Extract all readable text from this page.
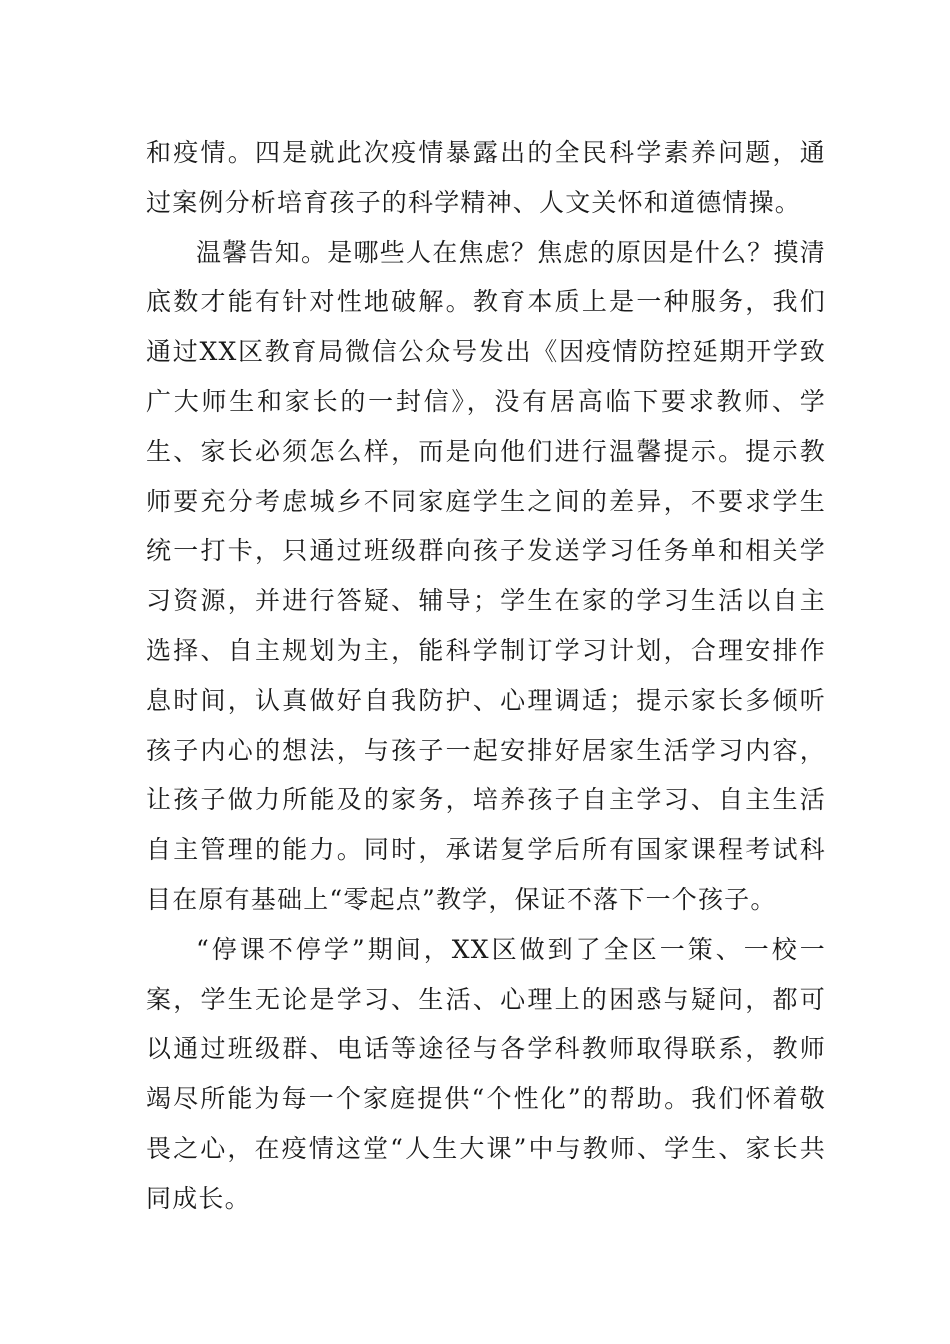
和疫情。四是就此次疫情暴露出的全民科学素养问题，通过案例分析培育孩子的科学精神、人文关怀和道德情操。

温馨告知。是哪些人在焦虑？焦虑的原因是什么？摸清底数才能有针对性地破解。教育本质上是一种服务，我们通过XX区教育局微信公众号发出《因疫情防控延期开学致广大师生和家长的一封信》，没有居高临下要求教师、学生、家长必须怎么样，而是向他们进行温馨提示。提示教师要充分考虑城乡不同家庭学生之间的差异，不要求学生统一打卡，只通过班级群向孩子发送学习任务单和相关学习资源，并进行答疑、辅导；学生在家的学习生活以自主选择、自主规划为主，能科学制订学习计划，合理安排作息时间，认真做好自我防护、心理调适；提示家长多倾听孩子内心的想法，与孩子一起安排好居家生活学习内容，让孩子做力所能及的家务，培养孩子自主学习、自主生活自主管理的能力。同时，承诺复学后所有国家课程考试科目在原有基础上“零起点”教学，保证不落下一个孩子。

“停课不停学”期间，XX区做到了全区一策、一校一案，学生无论是学习、生活、心理上的困惑与疑问，都可以通过班级群、电话等途径与各学科教师取得联系，教师竭尽所能为每一个家庭提供“个性化”的帮助。我们怀着敬畏之心，在疫情这堂“人生大课”中与教师、学生、家长共同成长。
